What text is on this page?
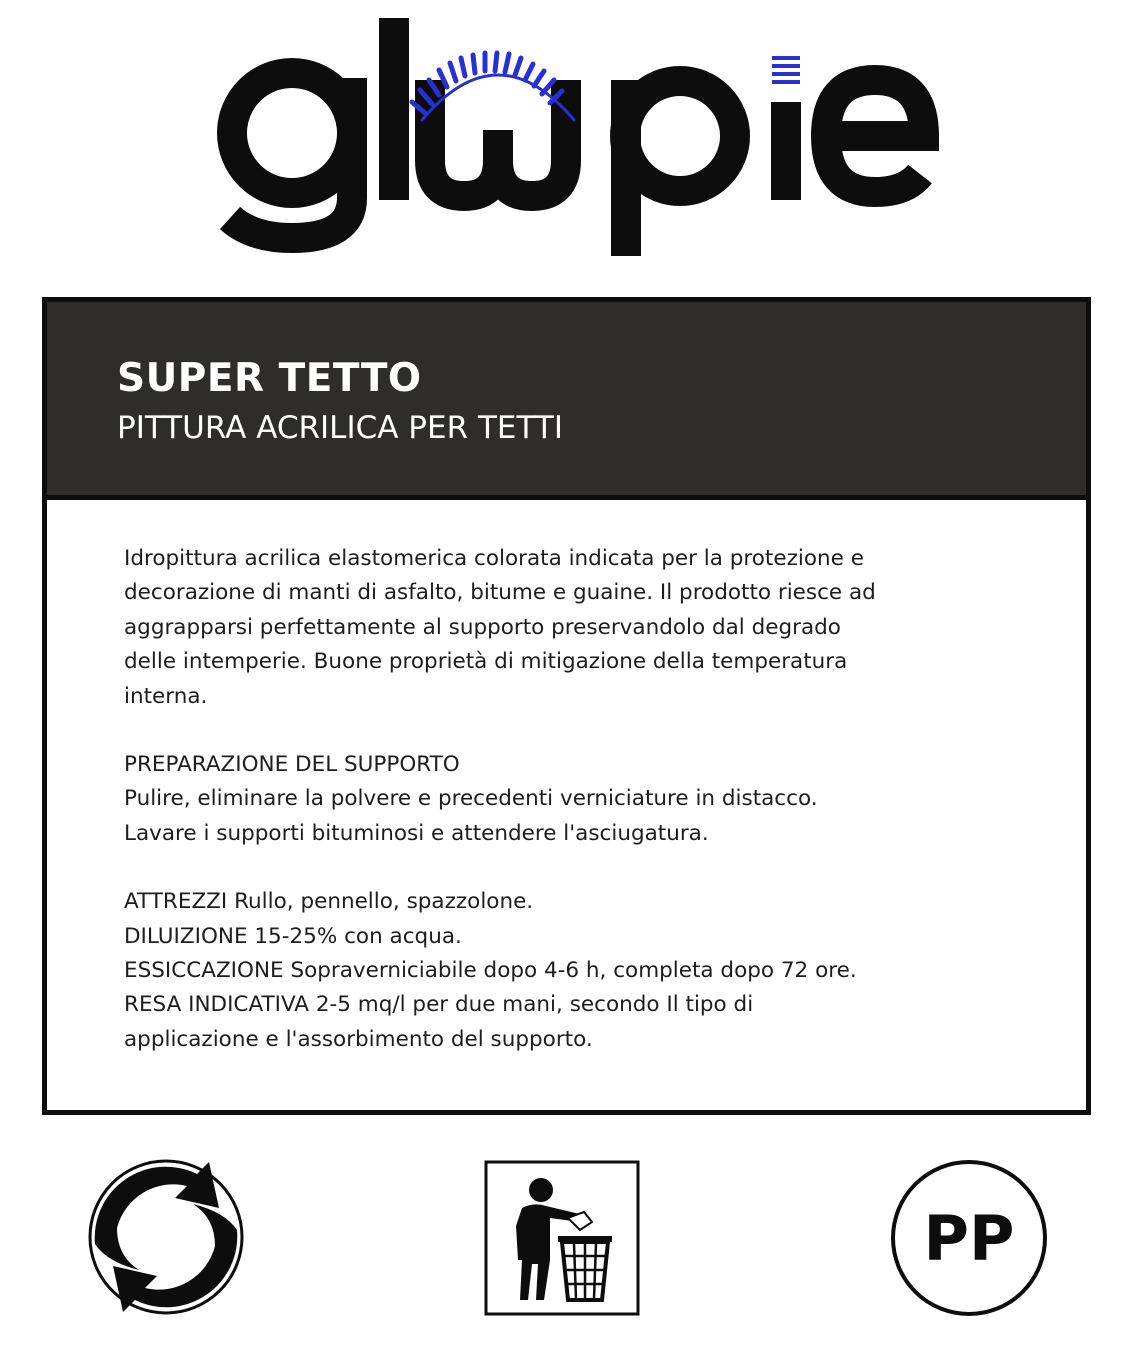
SUPER TETTO
PITTURA ACRILICA PER TETTI

Idropittura acrilica elastomerica colorata indicata per la protezione e
decorazione di manti di asfalto, bitume e guaine. Il prodotto riesce ad
aggrapparsi perfettamente al supporto preservandolo dal degrado
delle intemperie. Buone proprietà di mitigazione della temperatura
interna.

PREPARAZIONE DEL SUPPORTO
Pulire, eliminare la polvere e precedenti verniciature in distacco.
Lavare i supporti bituminosi e attendere l'asciugatura.

ATTREZZI Rullo, pennello, spazzolone.
DILUIZIONE 15-25% con acqua.
ESSICCAZIONE Sopraverniciabile dopo 4-6 h, completa dopo 72 ore.
RESA INDICATIVA 2-5 mq/l per due mani, secondo Il tipo di
applicazione e l'assorbimento del supporto.

PP
